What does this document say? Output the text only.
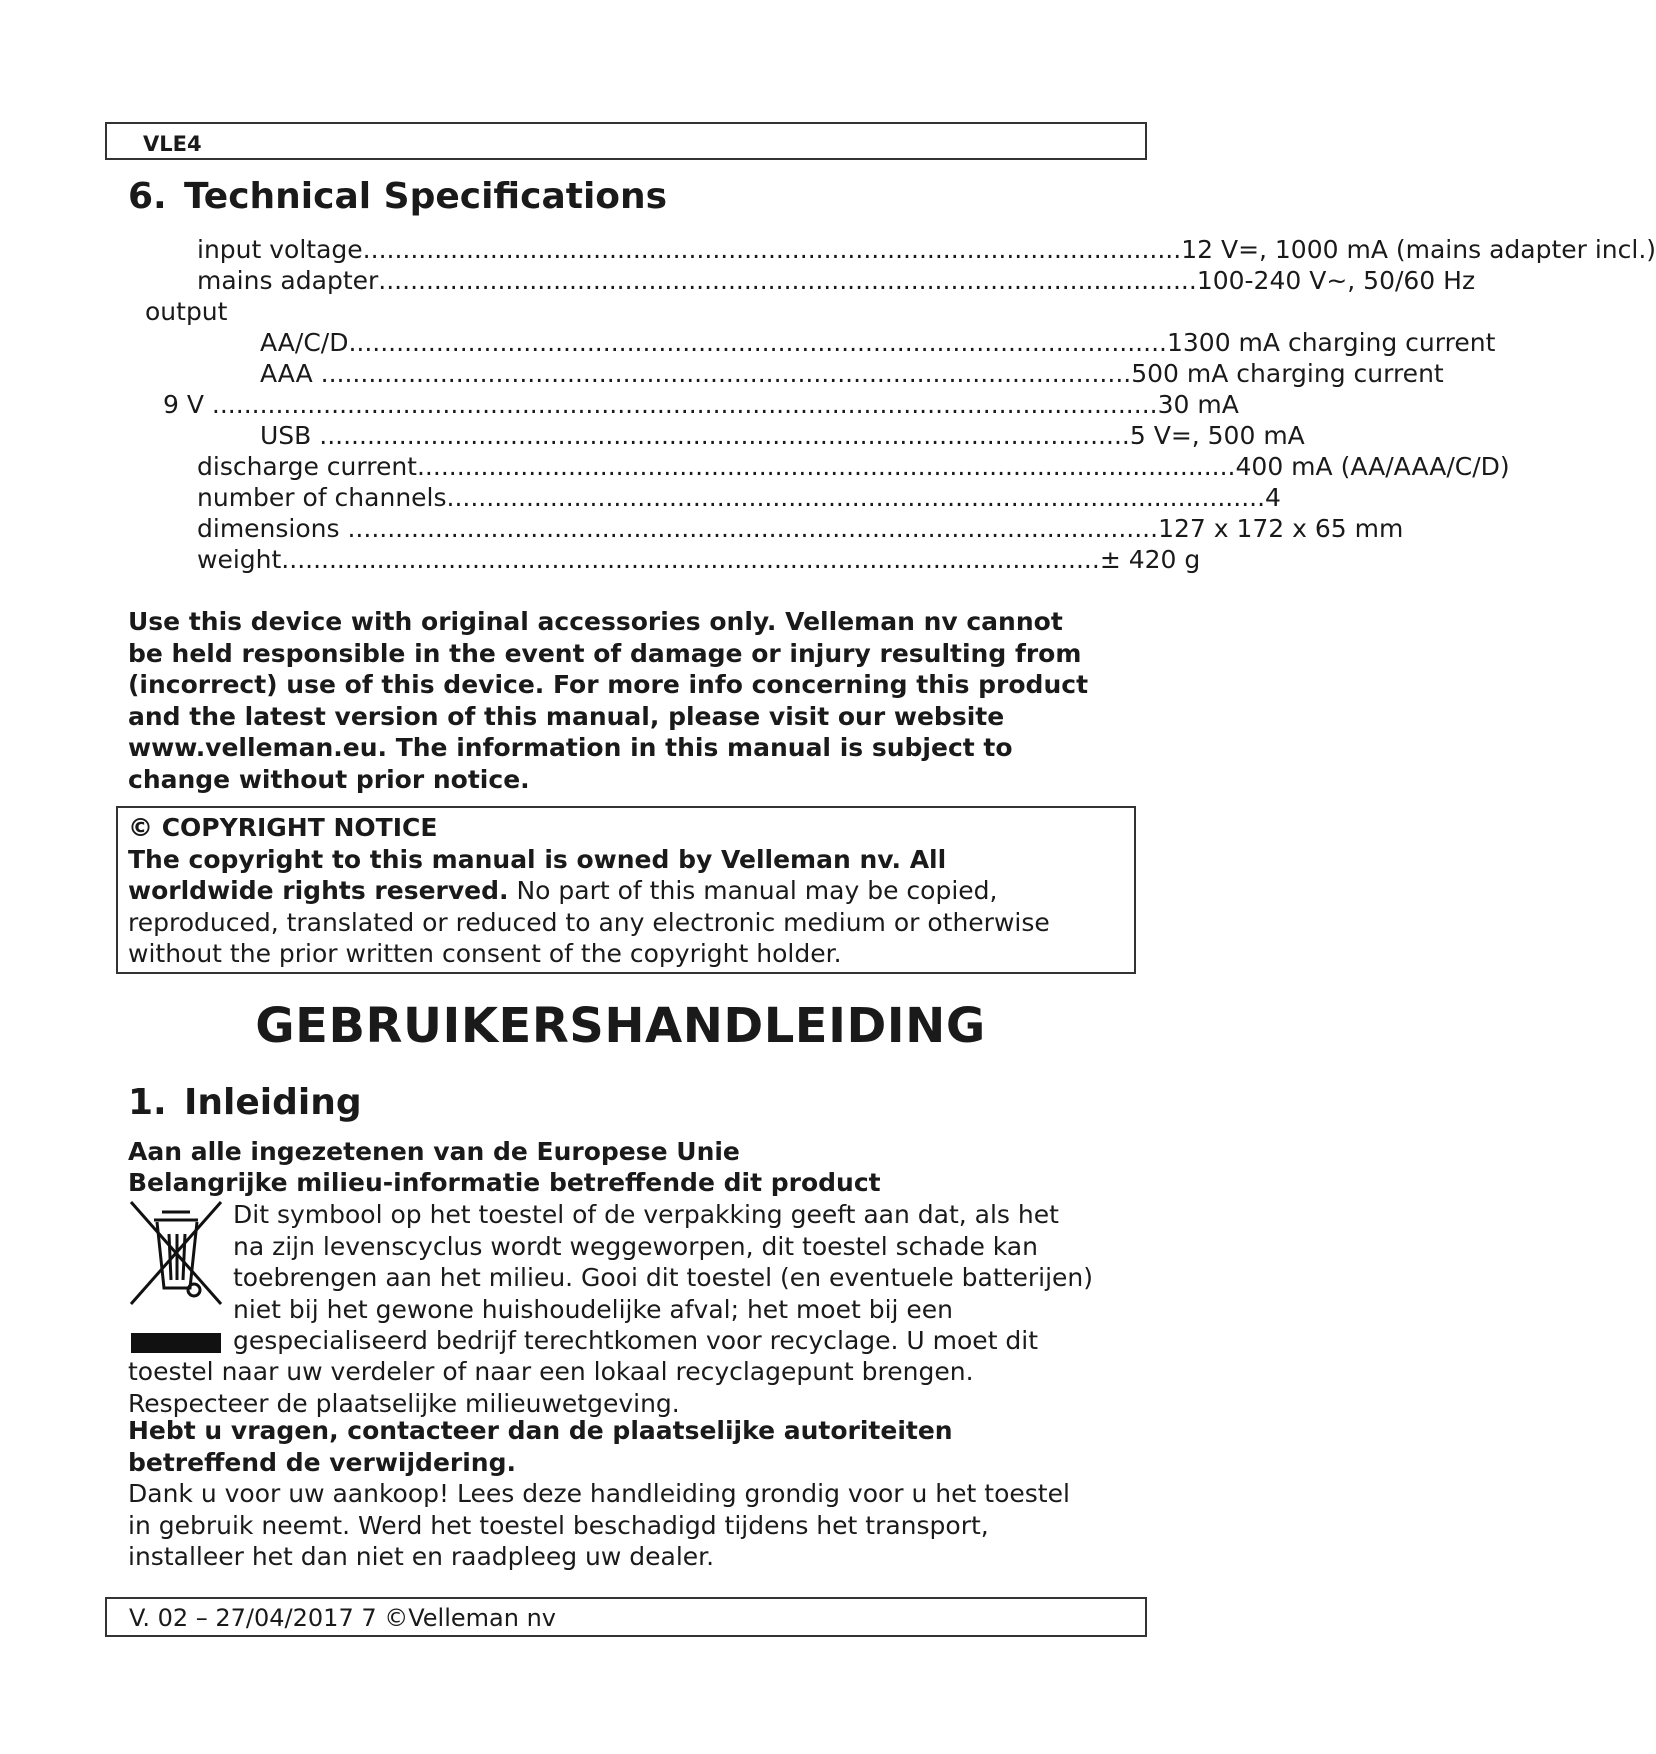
VLE4
6. Technical Specifications
input voltage ....................................................................................................... 12 V=, 1000 mA (mains adapter incl.)
mains adapter ....................................................................................................... 100-240 V~, 50/60 Hz
output
AA/C/D ....................................................................................................... 1300 mA charging current
AAA ...................................................................................................... 500 mA charging current
9 V ....................................................................................................................... 30 mA
USB ...................................................................................................... 5 V=, 500 mA
discharge current ....................................................................................................... 400 mA (AA/AAA/C/D)
number of channels ....................................................................................................... 4
dimensions ...................................................................................................... 127 x 172 x 65 mm
weight ....................................................................................................... ± 420 g

Use this device with original accessories only. Velleman nv cannot

be held responsible in the event of damage or injury resulting from

(incorrect) use of this device. For more info concerning this product

and the latest version of this manual, please visit our website

www.velleman.eu. The information in this manual is subject to

change without prior notice.

© COPYRIGHT NOTICE

The copyright to this manual is owned by Velleman nv. All

worldwide rights reserved. No part of this manual may be copied,

reproduced, translated or reduced to any electronic medium or otherwise

without the prior written consent of the copyright holder.

GEBRUIKERSHANDLEIDING
1. Inleiding
Aan alle ingezetenen van de Europese Unie
Belangrijke milieu-informatie betreffende dit product

Dit symbool op het toestel of de verpakking geeft aan dat, als het

na zijn levenscyclus wordt weggeworpen, dit toestel schade kan

toebrengen aan het milieu. Gooi dit toestel (en eventuele batterijen)

niet bij het gewone huishoudelijke afval; het moet bij een

gespecialiseerd bedrijf terechtkomen voor recyclage. U moet dit

toestel naar uw verdeler of naar een lokaal recyclagepunt brengen.

Respecteer de plaatselijke milieuwetgeving.

Hebt u vragen, contacteer dan de plaatselijke autoriteiten

betreffend de verwijdering.

Dank u voor uw aankoop! Lees deze handleiding grondig voor u het toestel

in gebruik neemt. Werd het toestel beschadigd tijdens het transport,

installeer het dan niet en raadpleeg uw dealer.

V. 02 – 27/04/2017 7 ©Velleman nv
